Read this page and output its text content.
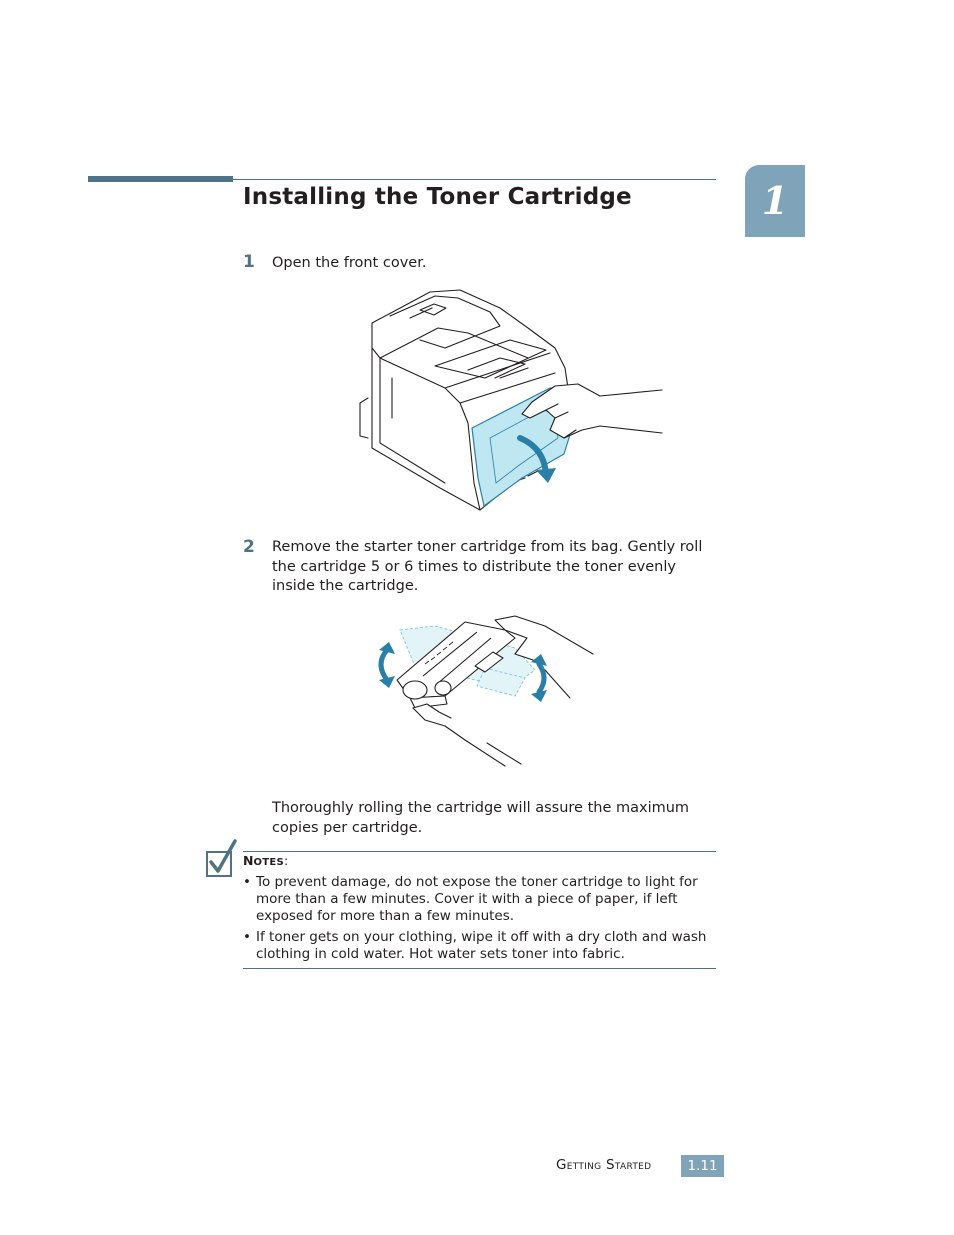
Installing the Toner Cartridge	1
1 Open the front cover.
2 Remove the starter toner cartridge from its bag. Gently roll the cartridge 5 or 6 times to distribute the toner evenly inside the cartridge.
Thoroughly rolling the cartridge will assure the maximum copies per cartridge.
NOTES:
• To prevent damage, do not expose the toner cartridge to light for more than a few minutes. Cover it with a piece of paper, if left exposed for more than a few minutes.
• If toner gets on your clothing, wipe it off with a dry cloth and wash clothing in cold water. Hot water sets toner into fabric.
Getting Started	1.11
